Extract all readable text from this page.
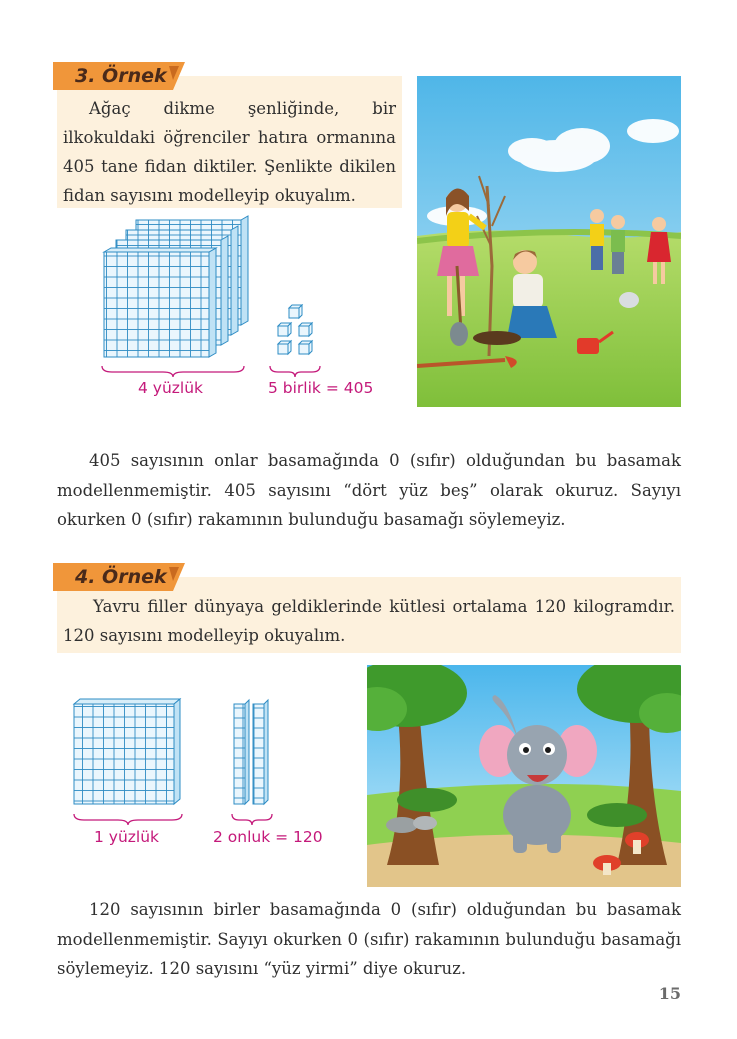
3. Örnek
Ağaç dikme şenliğinde, bir ilkokuldaki öğrenciler hatıra ormanına 405 tane fidan diktiler. Şenlikte dikilen fidan sayısını modelleyip okuyalım.
4 yüzlük	5 birlik = 405
405 sayısının onlar basamağında 0 (sıfır) olduğundan bu basamak modellenmemiştir. 405 sayısını “dört yüz beş” olarak okuruz. Sayıyı okurken 0 (sıfır) rakamının bulunduğu basamağı söylemeyiz.
4. Örnek
Yavru filler dünyaya geldiklerinde kütlesi ortalama 120 kilogramdır. 120 sayısını modelleyip okuyalım.
1 yüzlük	2 onluk = 120
120 sayısının birler basamağında 0 (sıfır) olduğundan bu basamak modellenmemiştir. Sayıyı okurken 0 (sıfır) rakamının bulunduğu basamağı söylemeyiz. 120 sayısını “yüz yirmi” diye okuruz.
15
